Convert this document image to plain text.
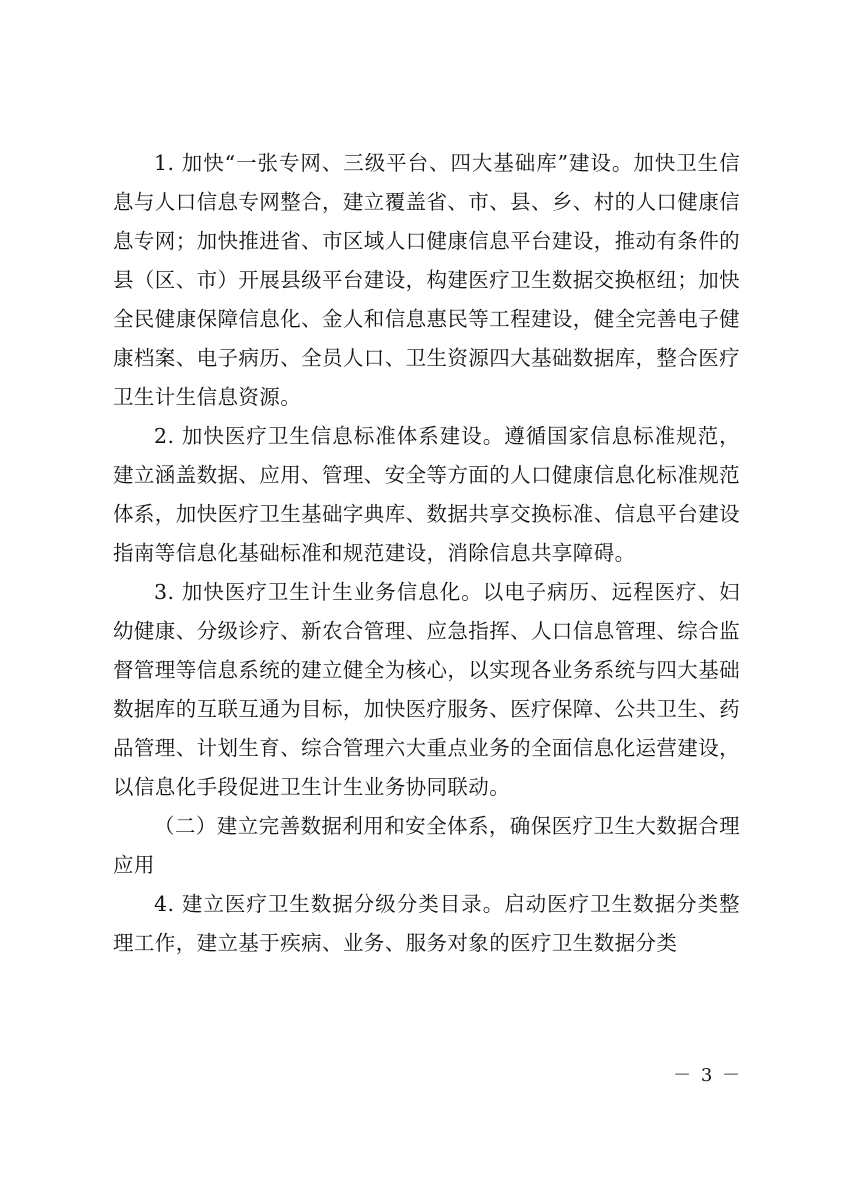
1. 加快“一张专网、三级平台、四大基础库”建设。加快卫生信息与人口信息专网整合，建立覆盖省、市、县、乡、村的人口健康信息专网；加快推进省、市区域人口健康信息平台建设，推动有条件的县（区、市）开展县级平台建设，构建医疗卫生数据交换枢纽；加快全民健康保障信息化、金人和信息惠民等工程建设，健全完善电子健康档案、电子病历、全员人口、卫生资源四大基础数据库，整合医疗卫生计生信息资源。

2. 加快医疗卫生信息标准体系建设。遵循国家信息标准规范，建立涵盖数据、应用、管理、安全等方面的人口健康信息化标准规范体系，加快医疗卫生基础字典库、数据共享交换标准、信息平台建设指南等信息化基础标准和规范建设，消除信息共享障碍。

3. 加快医疗卫生计生业务信息化。以电子病历、远程医疗、妇幼健康、分级诊疗、新农合管理、应急指挥、人口信息管理、综合监督管理等信息系统的建立健全为核心，以实现各业务系统与四大基础数据库的互联互通为目标，加快医疗服务、医疗保障、公共卫生、药品管理、计划生育、综合管理六大重点业务的全面信息化运营建设，以信息化手段促进卫生计生业务协同联动。

（二）建立完善数据利用和安全体系，确保医疗卫生大数据合理应用

4. 建立医疗卫生数据分级分类目录。启动医疗卫生数据分类整理工作，建立基于疾病、业务、服务对象的医疗卫生数据分类

－ 3 －
